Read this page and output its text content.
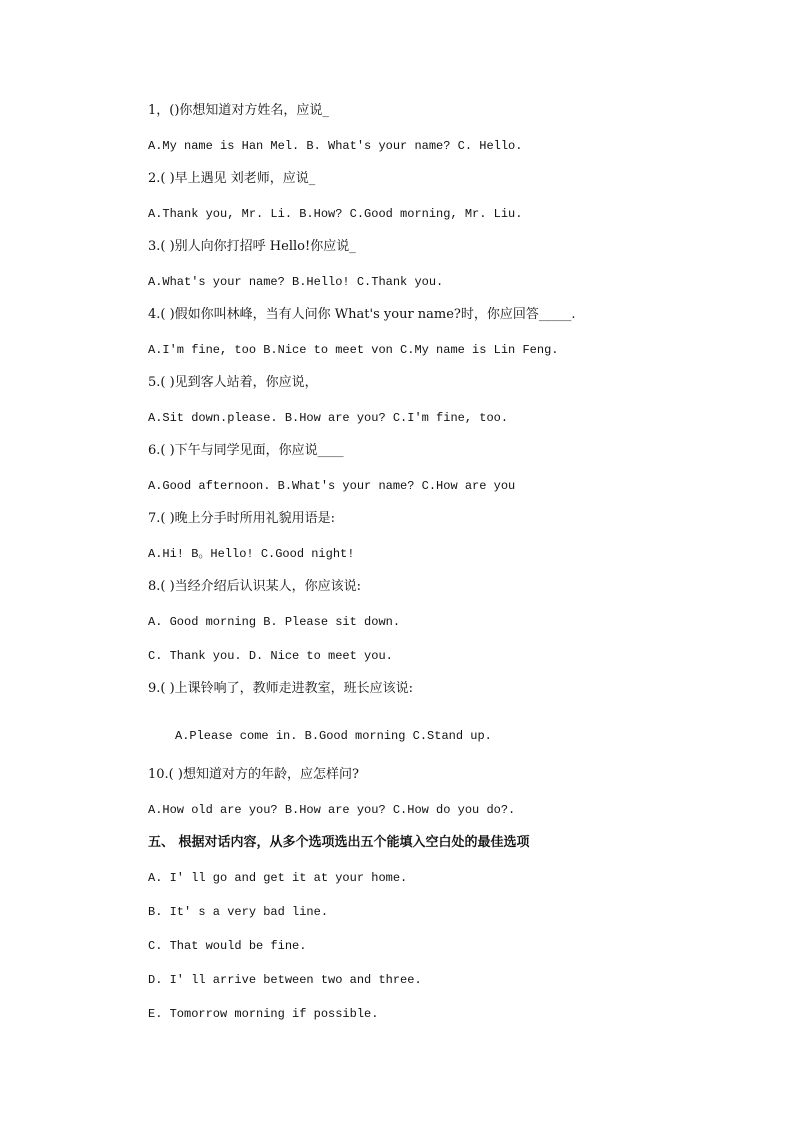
1，()你想知道对方姓名，应说_
A.My name is Han Mel. B. What's your name? C. Hello.
2.( )早上遇见 刘老师，应说_
A.Thank you, Mr. Li. B.How? C.Good morning, Mr. Liu.
3.( )别人向你打招呼 Hello!你应说_
A.What's your name? B.Hello! C.Thank you.
4.( )假如你叫林峰，当有人问你 What's your name?时，你应回答_____.
A.I'm fine, too B.Nice to meet von C.My name is Lin Feng.
5.( )见到客人站着，你应说，
A.Sit down.please. B.How are you? C.I'm fine, too.
6.( )下午与同学见面，你应说____
A.Good afternoon. B.What's your name? C.How are you
7.( )晚上分手时所用礼貌用语是:
A.Hi! B。Hello! C.Good night!
8.( )当经介绍后认识某人，你应该说:
A. Good morning B. Please sit down.
C. Thank you. D. Nice to meet you.
9.( )上课铃响了，教师走进教室，班长应该说:
A.Please come in. B.Good morning C.Stand up.
10.( )想知道对方的年龄，应怎样问?
A.How old are you? B.How are you? C.How do you do?.
五、 根据对话内容，从多个选项选出五个能填入空白处的最佳选项
A. I' ll go and get it at your home.
B. It' s a very bad line.
C. That would be fine.
D. I' ll arrive between two and three.
E. Tomorrow morning if possible.
